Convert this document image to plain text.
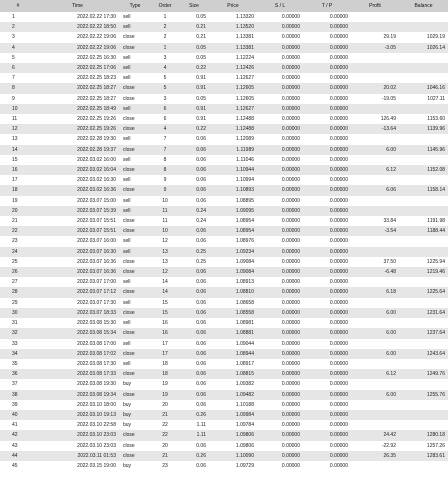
#	Time	Type	Order	Size	Price	S / L	T / P	Profit	Balance
1	2022.02.22 17:30	sell	1	0.05	1.13320	0.00000	0.00000		
2	2022.02.22 18:50	sell	2	0.21	1.13520	0.00000	0.00000		
3	2022.02.22 19:06	close	2	0.21	1.13381	0.00000	0.00000	29.19	1029.19
4	2022.02.22 19:06	close	1	0.05	1.13381	0.00000	0.00000	-3.05	1026.14
5	2022.02.25 16:30	sell	3	0.05	1.12224	0.00000	0.00000		
6	2022.02.25 17:06	sell	4	0.22	1.12426	0.00000	0.00000		
7	2022.02.25 18:23	sell	5	0.91	1.12627	0.00000	0.00000		
8	2022.02.25 18:27	close	5	0.91	1.12605	0.00000	0.00000	20.02	1046.16
9	2022.02.25 18:27	close	3	0.05	1.12605	0.00000	0.00000	-19.05	1027.11
10	2022.02.25 18:49	sell	6	0.91	1.12627	0.00000	0.00000		
11	2022.02.25 19:26	close	6	0.91	1.12488	0.00000	0.00000	126.49	1153.60
12	2022.02.25 19:26	close	4	0.22	1.12488	0.00000	0.00000	-13.64	1139.96
13	2022.02.28 19:30	sell	7	0.06	1.12089	0.00000	0.00000		
14	2022.02.28 19:37	close	7	0.06	1.11989	0.00000	0.00000	6.00	1145.96
15	2022.03.02 16:00	sell	8	0.06	1.11046	0.00000	0.00000		
16	2022.03.02 16:04	close	8	0.06	1.10944	0.00000	0.00000	6.12	1152.08
17	2022.03.02 16:30	sell	9	0.06	1.10994	0.00000	0.00000		
18	2022.03.02 16:36	close	9	0.06	1.10893	0.00000	0.00000	6.06	1158.14
19	2022.03.07 15:00	sell	10	0.06	1.08895	0.00000	0.00000		
20	2022.03.07 15:39	sell	11	0.24	1.09095	0.00000	0.00000		
21	2022.03.07 15:51	close	11	0.24	1.08954	0.00000	0.00000	33.84	1191.98
22	2022.03.07 15:51	close	10	0.06	1.08954	0.00000	0.00000	-3.54	1188.44
23	2022.03.07 16:00	sell	12	0.06	1.08976	0.00000	0.00000		
24	2022.03.07 16:30	sell	13	0.25	1.09234	0.00000	0.00000		
25	2022.03.07 16:36	close	13	0.25	1.09084	0.00000	0.00000	37.50	1225.94
26	2022.03.07 16:36	close	12	0.06	1.09084	0.00000	0.00000	-6.48	1219.46
27	2022.03.07 17:00	sell	14	0.06	1.08913	0.00000	0.00000		
28	2022.03.07 17:12	close	14	0.06	1.08810	0.00000	0.00000	6.18	1225.64
29	2022.03.07 17:30	sell	15	0.06	1.08658	0.00000	0.00000		
30	2022.03.07 18:33	close	15	0.06	1.08558	0.00000	0.00000	6.00	1231.64
31	2022.03.08 15:30	sell	16	0.06	1.08981	0.00000	0.00000		
32	2022.03.08 15:34	close	16	0.06	1.08881	0.00000	0.00000	6.00	1237.64
33	2022.03.08 17:00	sell	17	0.06	1.09044	0.00000	0.00000		
34	2022.03.08 17:02	close	17	0.06	1.08944	0.00000	0.00000	6.00	1243.64
35	2022.03.08 17:30	sell	18	0.06	1.08917	0.00000	0.00000		
36	2022.03.08 17:33	close	18	0.06	1.08815	0.00000	0.00000	6.12	1249.76
37	2022.03.08 19:30	buy	19	0.06	1.09382	0.00000	0.00000		
38	2022.03.08 19:34	close	19	0.06	1.09482	0.00000	0.00000	6.00	1255.76
39	2022.03.10 18:00	buy	20	0.06	1.10188	0.00000	0.00000		
40	2022.03.10 19:13	buy	21	0.26	1.09984	0.00000	0.00000		
41	2022.03.10 22:58	buy	22	1.11	1.09784	0.00000	0.00000		
42	2022.03.10 23:03	close	22	1.11	1.09806	0.00000	0.00000	24.42	1280.18
43	2022.03.10 23:03	close	20	0.06	1.09806	0.00000	0.00000	-22.92	1257.26
44	2022.03.11 01:53	close	21	0.26	1.10090	0.00000	0.00000	26.35	1283.61
45	2022.03.15 19:00	buy	23	0.06	1.09729	0.00000	0.00000		
